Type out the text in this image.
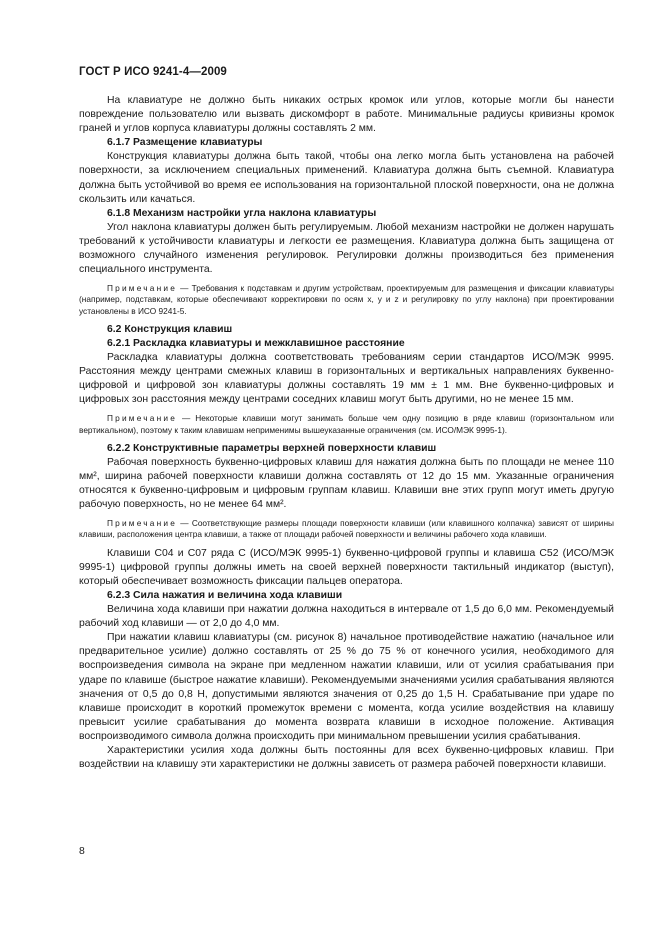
ГОСТ Р ИСО 9241-4—2009

На клавиатуре не должно быть никаких острых кромок или углов, которые могли бы нанести повреждение пользователю или вызвать дискомфорт в работе. Минимальные радиусы кривизны кромок граней и углов корпуса клавиатуры должны составлять 2 мм.

6.1.7 Размещение клавиатуры

Конструкция клавиатуры должна быть такой, чтобы она легко могла быть установлена на рабочей поверхности, за исключением специальных применений. Клавиатура должна быть съемной. Клавиатура должна быть устойчивой во время ее использования на горизонтальной плоской поверхности, она не должна скользить или качаться.

6.1.8 Механизм настройки угла наклона клавиатуры

Угол наклона клавиатуры должен быть регулируемым. Любой механизм настройки не должен нарушать требований к устойчивости клавиатуры и легкости ее размещения. Клавиатура должна быть защищена от возможного случайного изменения регулировок. Регулировки должны производиться без применения специального инструмента.

Примечание — Требования к подставкам и другим устройствам, проектируемым для размещения и фиксации клавиатуры (например, подставкам, которые обеспечивают корректировки по осям x, y и z и регулировку по углу наклона) при проектировании установлены в ИСО 9241-5.

6.2 Конструкция клавиш
6.2.1 Раскладка клавиатуры и межклавишное расстояние

Раскладка клавиатуры должна соответствовать требованиям серии стандартов ИСО/МЭК 9995. Расстояния между центрами смежных клавиш в горизонтальных и вертикальных направлениях буквенно-цифровой и цифровой зон клавиатуры должны составлять 19 мм ± 1 мм. Вне буквенно-цифровых и цифровых зон расстояния между центрами соседних клавиш могут быть другими, но не менее 15 мм.

Примечание — Некоторые клавиши могут занимать больше чем одну позицию в ряде клавиш (горизонтальном или вертикальном), поэтому к таким клавишам неприменимы вышеуказанные ограничения (см. ИСО/МЭК 9995-1).

6.2.2 Конструктивные параметры верхней поверхности клавиш

Рабочая поверхность буквенно-цифровых клавиш для нажатия должна быть по площади не менее 110 мм², ширина рабочей поверхности клавиши должна составлять от 12 до 15 мм. Указанные ограничения относятся к буквенно-цифровым и цифровым группам клавиш. Клавиши вне этих групп могут иметь другую рабочую поверхность, но не менее 64 мм².

Примечание — Соответствующие размеры площади поверхности клавиши (или клавишного колпачка) зависят от ширины клавиши, расположения центра клавиши, а также от площади рабочей поверхности и величины рабочего хода клавиши.

Клавиши С04 и С07 ряда С (ИСО/МЭК 9995-1) буквенно-цифровой группы и клавиша С52 (ИСО/МЭК 9995-1) цифровой группы должны иметь на своей верхней поверхности тактильный индикатор (выступ), который обеспечивает возможность фиксации пальцев оператора.

6.2.3 Сила нажатия и величина хода клавиши

Величина хода клавиши при нажатии должна находиться в интервале от 1,5 до 6,0 мм. Рекомендуемый рабочий ход клавиши — от 2,0 до 4,0 мм.

При нажатии клавиш клавиатуры (см. рисунок 8) начальное противодействие нажатию (начальное или предварительное усилие) должно составлять от 25 % до 75 % от конечного усилия, необходимого для воспроизведения символа на экране при медленном нажатии клавиши, или от усилия срабатывания при ударе по клавише (быстрое нажатие клавиши). Рекомендуемыми значениями усилия срабатывания являются значения от 0,5 до 0,8 Н, допустимыми являются значения от 0,25 до 1,5 Н. Срабатывание при ударе по клавише происходит в короткий промежуток времени с момента, когда усилие воздействия на клавишу превысит усилие срабатывания до момента возврата клавиши в исходное положение. Активация воспроизводимого символа должна происходить при минимальном превышении усилия срабатывания.

Характеристики усилия хода должны быть постоянны для всех буквенно-цифровых клавиш. При воздействии на клавишу эти характеристики не должны зависеть от размера рабочей поверхности клавиши.

8
